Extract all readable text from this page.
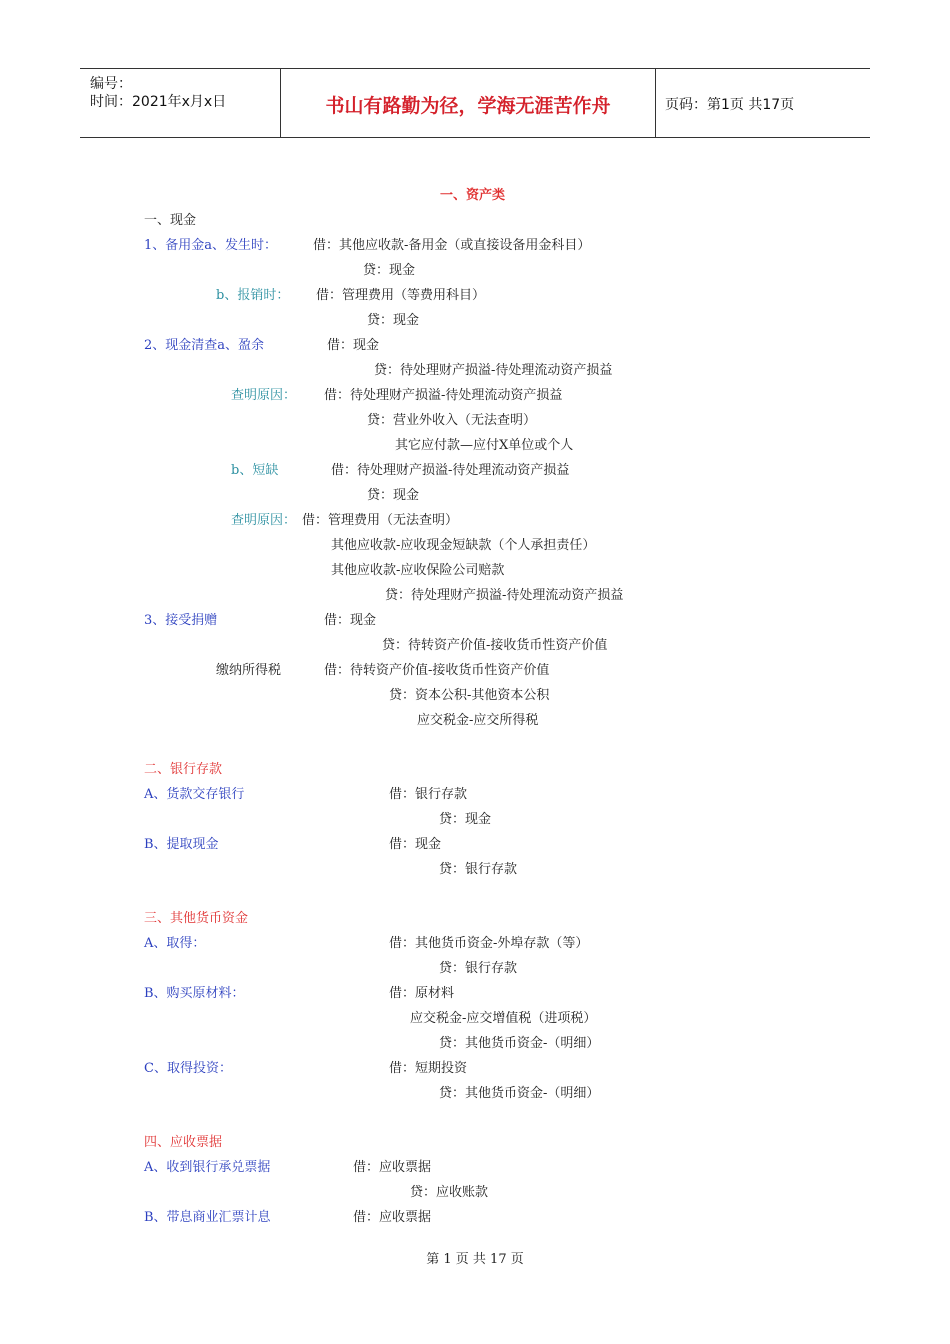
编号：
时间：2021年x月x日	书山有路勤为径，学海无涯苦作舟	页码：第1页 共17页
一、资产类
一、现金
1、备用金a、发生时：	借：其他应收款-备用金（或直接设备用金科目）
贷：现金
b、报销时： 借：管理费用（等费用科目）
贷：现金
2、现金清查a、盈余	借：现金
贷：待处理财产损溢-待处理流动资产损益
查明原因： 借：待处理财产损溢-待处理流动资产损益
贷：营业外收入（无法查明）
其它应付款—应付X单位或个人
b、短缺	借：待处理财产损溢-待处理流动资产损益
贷：现金
查明原因： 借：管理费用（无法查明）
其他应收款-应收现金短缺款（个人承担责任）
其他应收款-应收保险公司赔款
贷：待处理财产损溢-待处理流动资产损益
3、接受捐赠	借：现金
贷：待转资产价值-接收货币性资产价值
缴纳所得税	借：待转资产价值-接收货币性资产价值
贷：资本公积-其他资本公积
应交税金-应交所得税
二、银行存款
A、货款交存银行	借：银行存款
贷：现金
B、提取现金	借：现金
贷：银行存款
三、其他货币资金
A、取得：	借：其他货币资金-外埠存款（等）
贷：银行存款
B、购买原材料：	借：原材料
应交税金-应交增值税（进项税）
贷：其他货币资金-（明细）
C、取得投资：	借：短期投资
贷：其他货币资金-（明细）
四、应收票据
A、收到银行承兑票据	借：应收票据
贷：应收账款
B、带息商业汇票计息	借：应收票据
第 1 页 共 17 页
